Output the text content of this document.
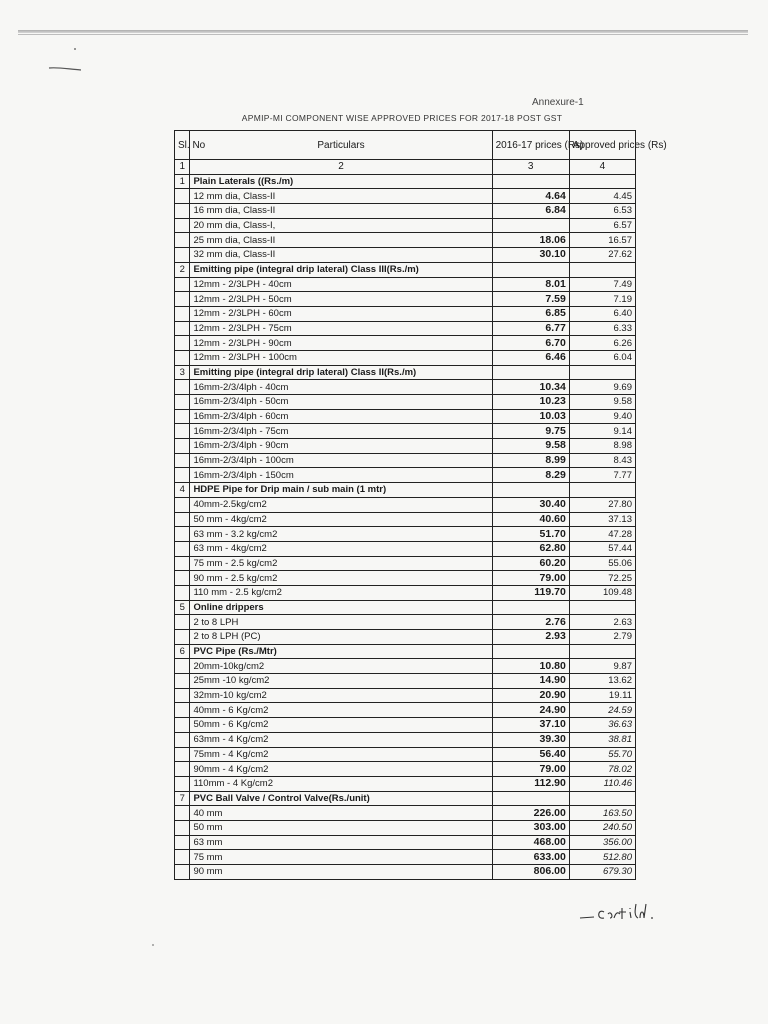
Annexure-1
APMIP-MI COMPONENT WISE APPROVED PRICES FOR 2017-18 POST GST
Sl. No	Particulars	2016-17 prices (Rs)	Approved prices (Rs)
1	2	3	4
1	Plain Laterals ((Rs./m)		
	12 mm dia, Class-II	4.64	4.45
	16 mm dia, Class-II	6.84	6.53
	20 mm dia, Class-I,		6.57
	25 mm dia, Class-II	18.06	16.57
	32 mm dia, Class-II	30.10	27.62
2	Emitting pipe (integral drip lateral) Class III(Rs./m)		
	12mm - 2/3LPH - 40cm	8.01	7.49
	12mm - 2/3LPH - 50cm	7.59	7.19
	12mm - 2/3LPH - 60cm	6.85	6.40
	12mm - 2/3LPH - 75cm	6.77	6.33
	12mm - 2/3LPH - 90cm	6.70	6.26
	12mm - 2/3LPH - 100cm	6.46	6.04
3	Emitting pipe (integral drip lateral) Class II(Rs./m)		
	16mm-2/3/4lph - 40cm	10.34	9.69
	16mm-2/3/4lph - 50cm	10.23	9.58
	16mm-2/3/4lph - 60cm	10.03	9.40
	16mm-2/3/4lph - 75cm	9.75	9.14
	16mm-2/3/4lph - 90cm	9.58	8.98
	16mm-2/3/4lph - 100cm	8.99	8.43
	16mm-2/3/4lph - 150cm	8.29	7.77
4	HDPE Pipe for Drip main / sub main (1 mtr)		
	40mm-2.5kg/cm2	30.40	27.80
	50 mm - 4kg/cm2	40.60	37.13
	63 mm - 3.2 kg/cm2	51.70	47.28
	63 mm - 4kg/cm2	62.80	57.44
	75 mm - 2.5 kg/cm2	60.20	55.06
	90 mm - 2.5 kg/cm2	79.00	72.25
	110 mm - 2.5 kg/cm2	119.70	109.48
5	Online drippers		
	2 to 8 LPH	2.76	2.63
	2 to 8 LPH (PC)	2.93	2.79
6	PVC Pipe (Rs./Mtr)		
	20mm-10kg/cm2	10.80	9.87
	25mm -10 kg/cm2	14.90	13.62
	32mm-10 kg/cm2	20.90	19.11
	40mm - 6 Kg/cm2	24.90	24.59
	50mm - 6 Kg/cm2	37.10	36.63
	63mm - 4 Kg/cm2	39.30	38.81
	75mm - 4 Kg/cm2	56.40	55.70
	90mm - 4 Kg/cm2	79.00	78.02
	110mm - 4 Kg/cm2	112.90	110.46
7	PVC Ball Valve / Control Valve(Rs./unit)		
	40 mm	226.00	163.50
	50 mm	303.00	240.50
	63 mm	468.00	356.00
	75 mm	633.00	512.80
	90 mm	806.00	679.30
